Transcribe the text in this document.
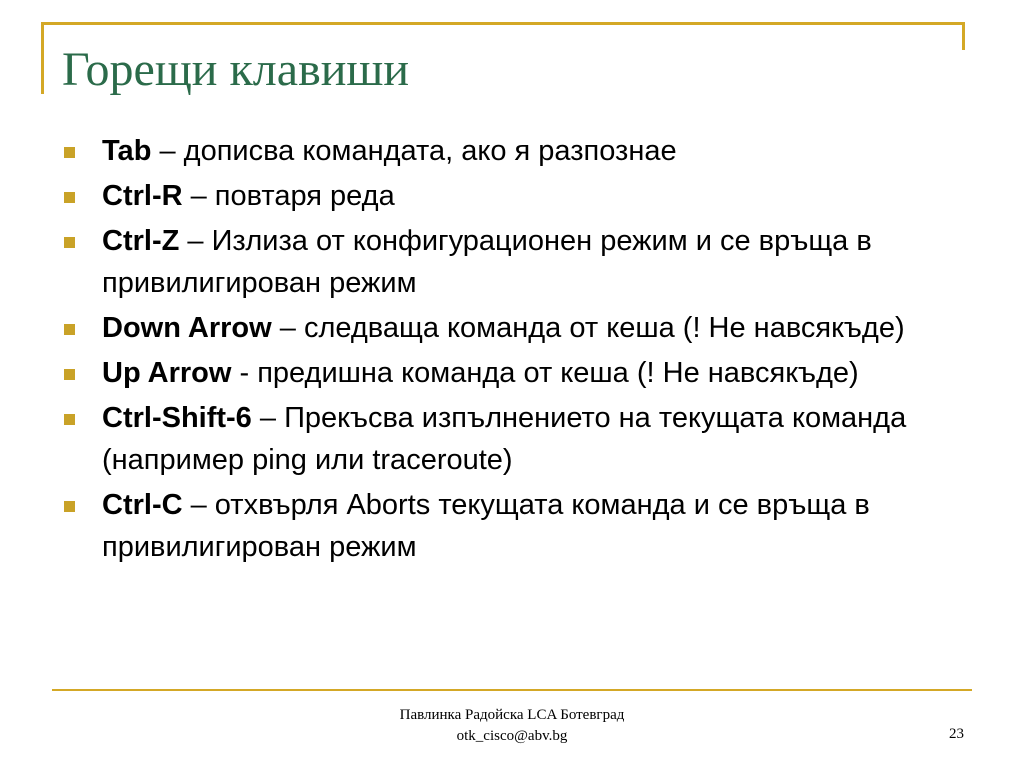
Горещи клавиши
Tab – дописва командата, ако я разпознае
Ctrl-R – повтаря реда
Ctrl-Z – Излиза от конфигурационен режим и се връща в привилигирован режим
Down Arrow – следваща команда от кеша (! Не навсякъде)
Up Arrow - предишна команда от кеша (! Не навсякъде)
Ctrl-Shift-6 – Прекъсва изпълнението на текущата команда (например ping или traceroute)
Ctrl-C – отхвърля Aborts текущата команда и се връща в привилигирован режим
Павлинка Радойска LCA Ботевград
otk_cisco@abv.bg	23
